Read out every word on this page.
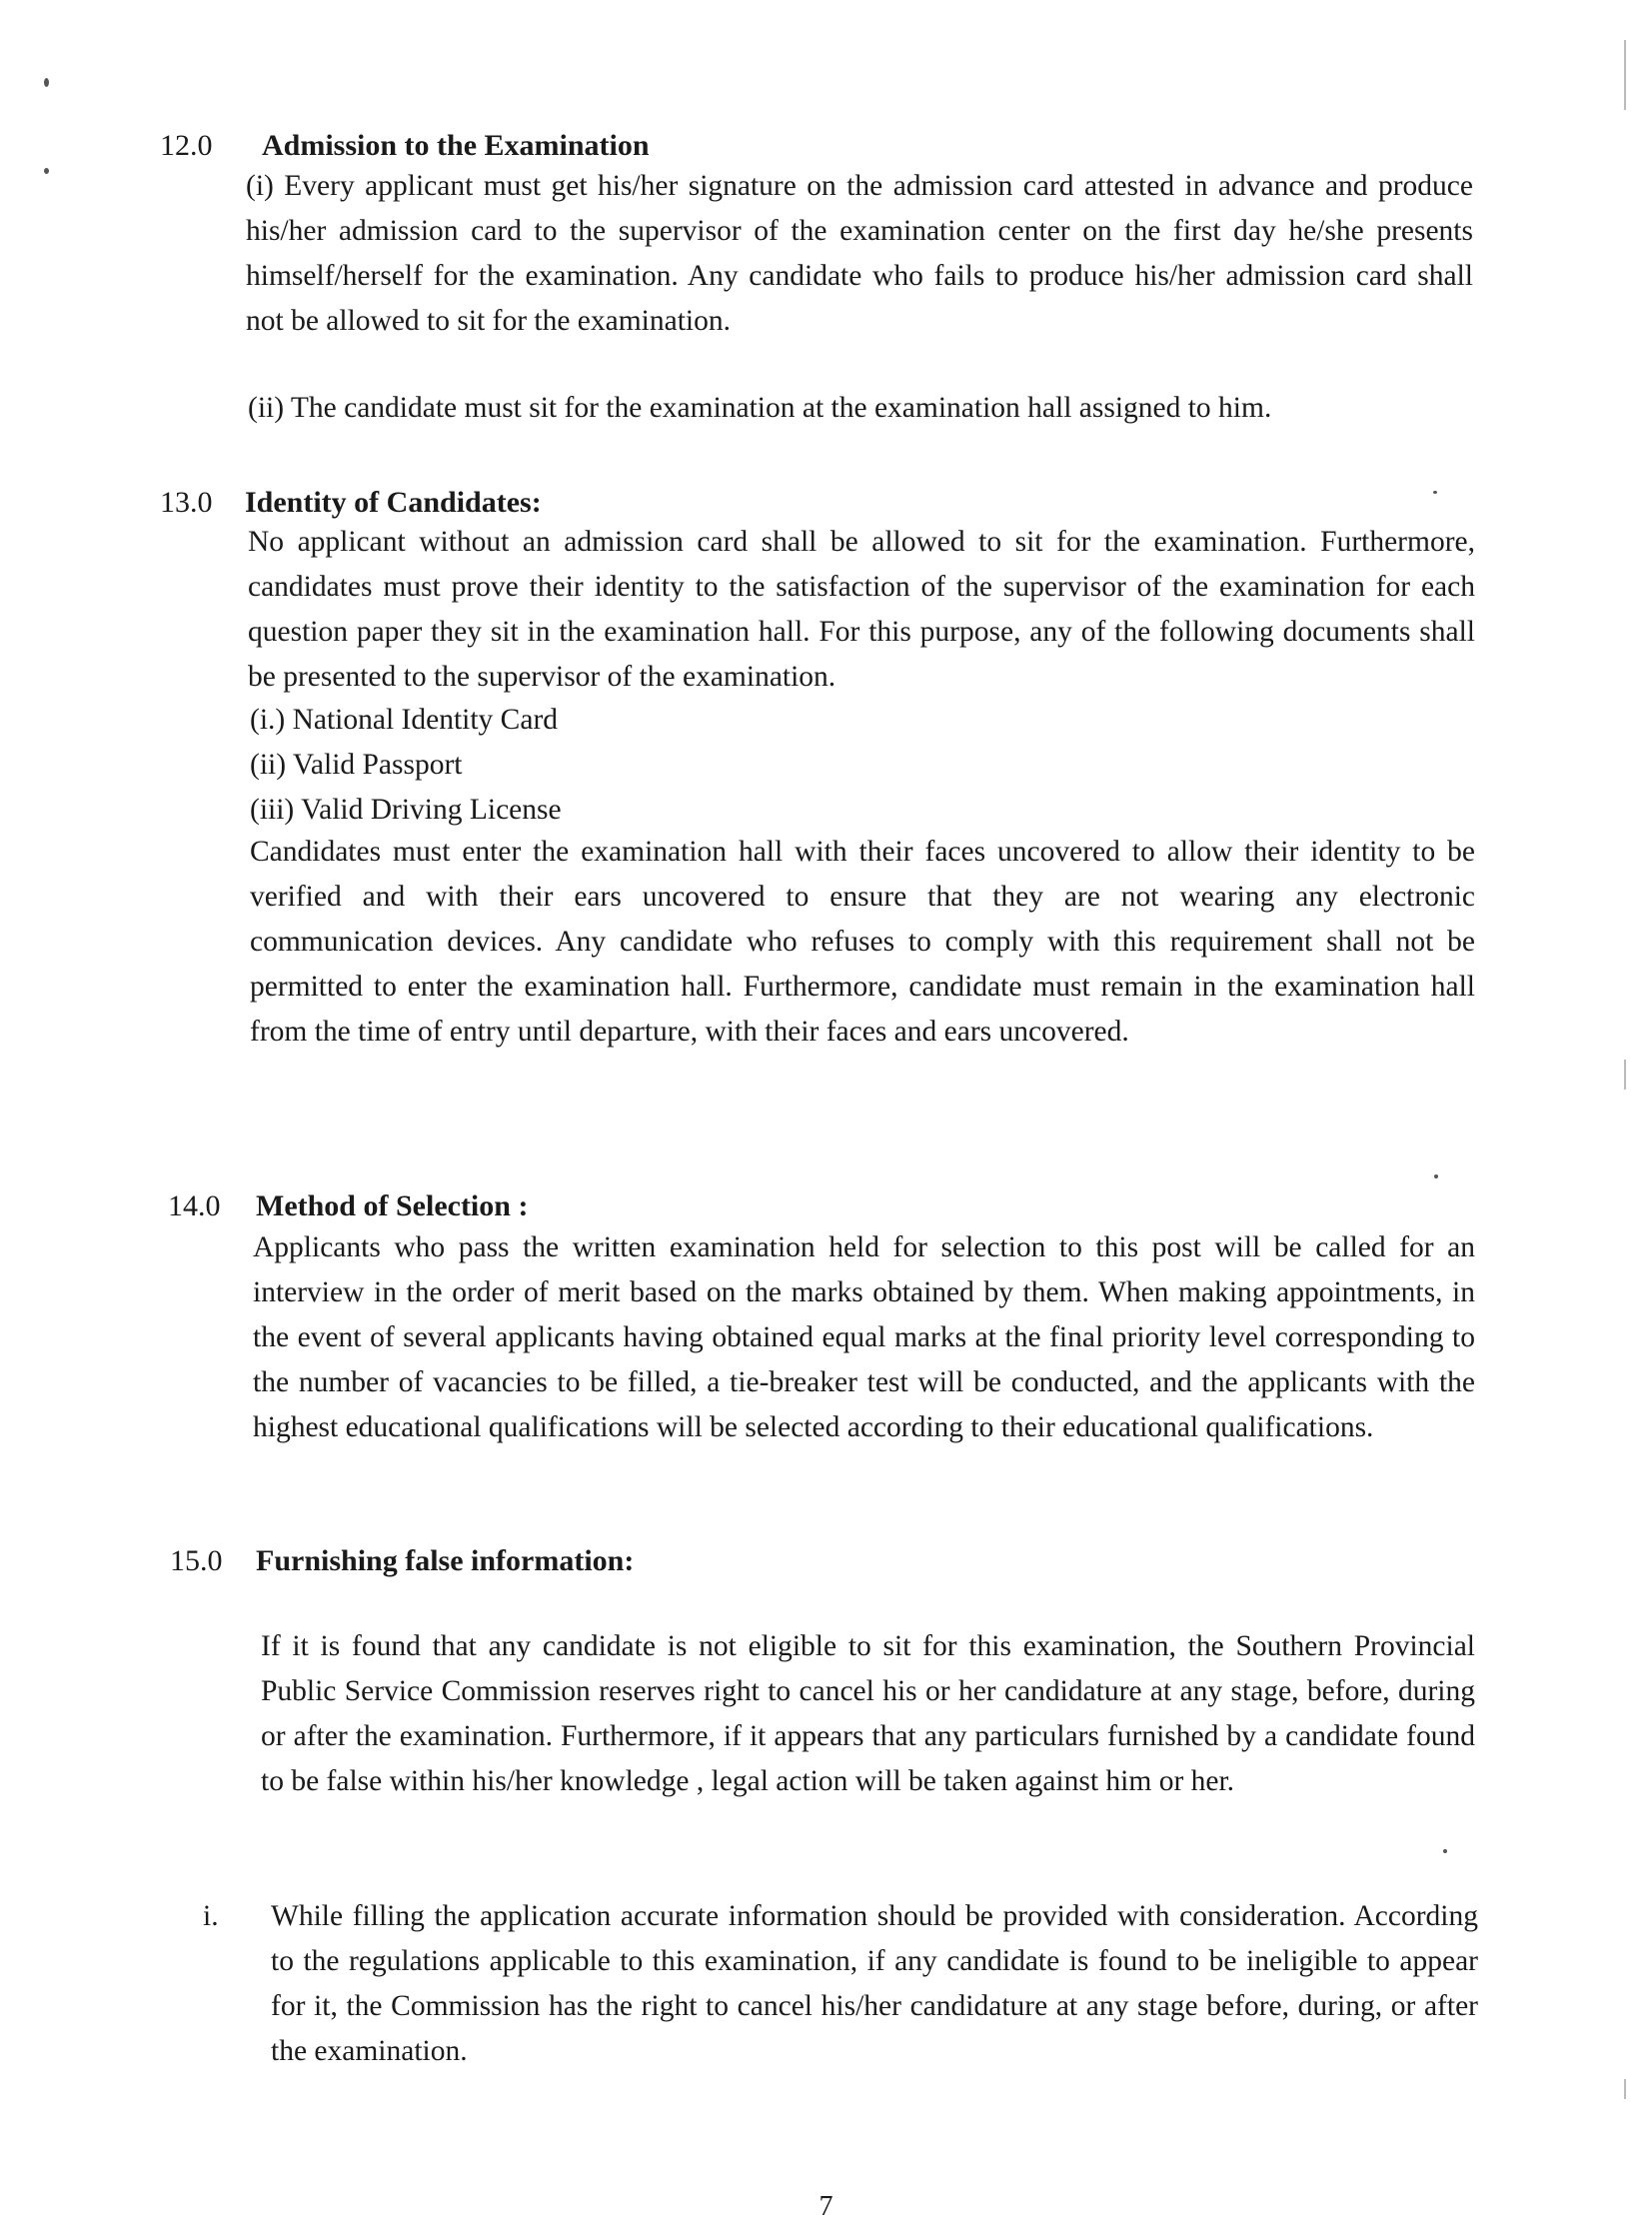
12.0 Admission to the Examination
(i) Every applicant must get his/her signature on the admission card attested in advance and produce his/her admission card to the supervisor of the examination center on the first day he/she presents himself/herself for the examination. Any candidate who fails to produce his/her admission card shall not be allowed to sit for the examination.
(ii) The candidate must sit for the examination at the examination hall assigned to him.
13.0 Identity of Candidates:
No applicant without an admission card shall be allowed to sit for the examination. Furthermore, candidates must prove their identity to the satisfaction of the supervisor of the examination for each question paper they sit in the examination hall. For this purpose, any of the following documents shall be presented to the supervisor of the examination.
(i.) National Identity Card
(ii) Valid Passport
(iii) Valid Driving License
Candidates must enter the examination hall with their faces uncovered to allow their identity to be verified and with their ears uncovered to ensure that they are not wearing any electronic communication devices. Any candidate who refuses to comply with this requirement shall not be permitted to enter the examination hall. Furthermore, candidate must remain in the examination hall from the time of entry until departure, with their faces and ears uncovered.
14.0 Method of Selection :
Applicants who pass the written examination held for selection to this post will be called for an interview in the order of merit based on the marks obtained by them. When making appointments, in the event of several applicants having obtained equal marks at the final priority level corresponding to the number of vacancies to be filled, a tie-breaker test will be conducted, and the applicants with the highest educational qualifications will be selected according to their educational qualifications.
15.0 Furnishing false information:
If it is found that any candidate is not eligible to sit for this examination, the Southern Provincial Public Service Commission reserves right to cancel his or her candidature at any stage, before, during or after the examination. Furthermore, if it appears that any particulars furnished by a candidate found to be false within his/her knowledge , legal action will be taken against him or her.
i. While filling the application accurate information should be provided with consideration. According to the regulations applicable to this examination, if any candidate is found to be ineligible to appear for it, the Commission has the right to cancel his/her candidature at any stage before, during, or after the examination.
7
